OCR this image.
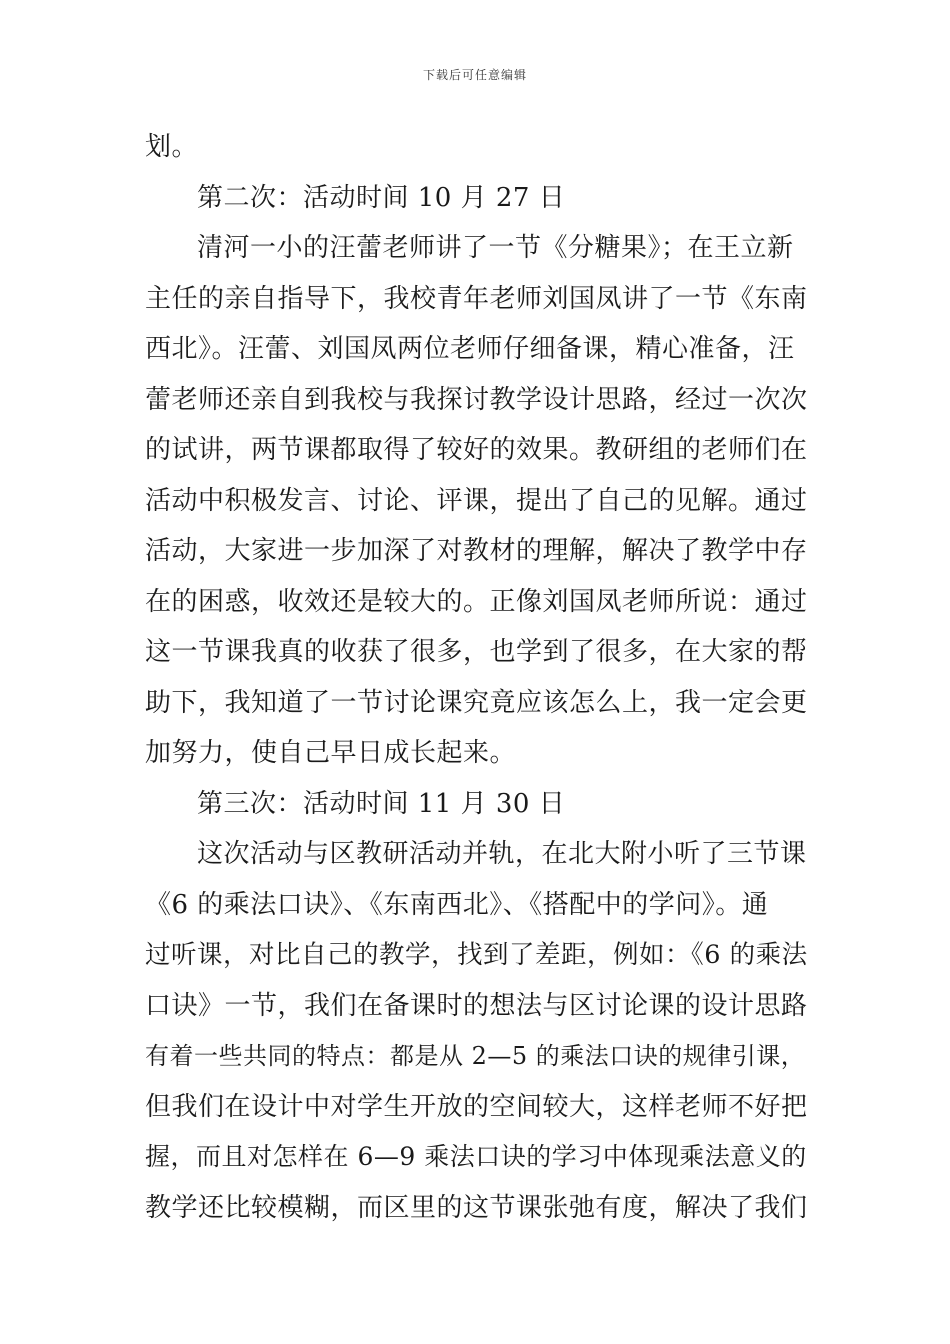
下载后可任意编辑
划。
第二次：活动时间 10 月 27 日
清河一小的汪蕾老师讲了一节《分糖果》；在王立新
主任的亲自指导下，我校青年老师刘国凤讲了一节《东南
西北》。汪蕾、刘国凤两位老师仔细备课，精心准备，汪
蕾老师还亲自到我校与我探讨教学设计思路，经过一次次
的试讲，两节课都取得了较好的效果。教研组的老师们在
活动中积极发言、讨论、评课，提出了自己的见解。通过
活动，大家进一步加深了对教材的理解，解决了教学中存
在的困惑，收效还是较大的。正像刘国凤老师所说：通过
这一节课我真的收获了很多，也学到了很多，在大家的帮
助下，我知道了一节讨论课究竟应该怎么上，我一定会更
加努力，使自己早日成长起来。
第三次：活动时间 11 月 30 日
这次活动与区教研活动并轨，在北大附小听了三节课
《6 的乘法口诀》、《东南西北》、《搭配中的学问》。通
过听课，对比自己的教学，找到了差距，例如：《6 的乘法
口诀》一节，我们在备课时的想法与区讨论课的设计思路
有着一些共同的特点：都是从 2—5 的乘法口诀的规律引课，
但我们在设计中对学生开放的空间较大，这样老师不好把
握，而且对怎样在 6—9 乘法口诀的学习中体现乘法意义的
教学还比较模糊，而区里的这节课张弛有度，解决了我们
